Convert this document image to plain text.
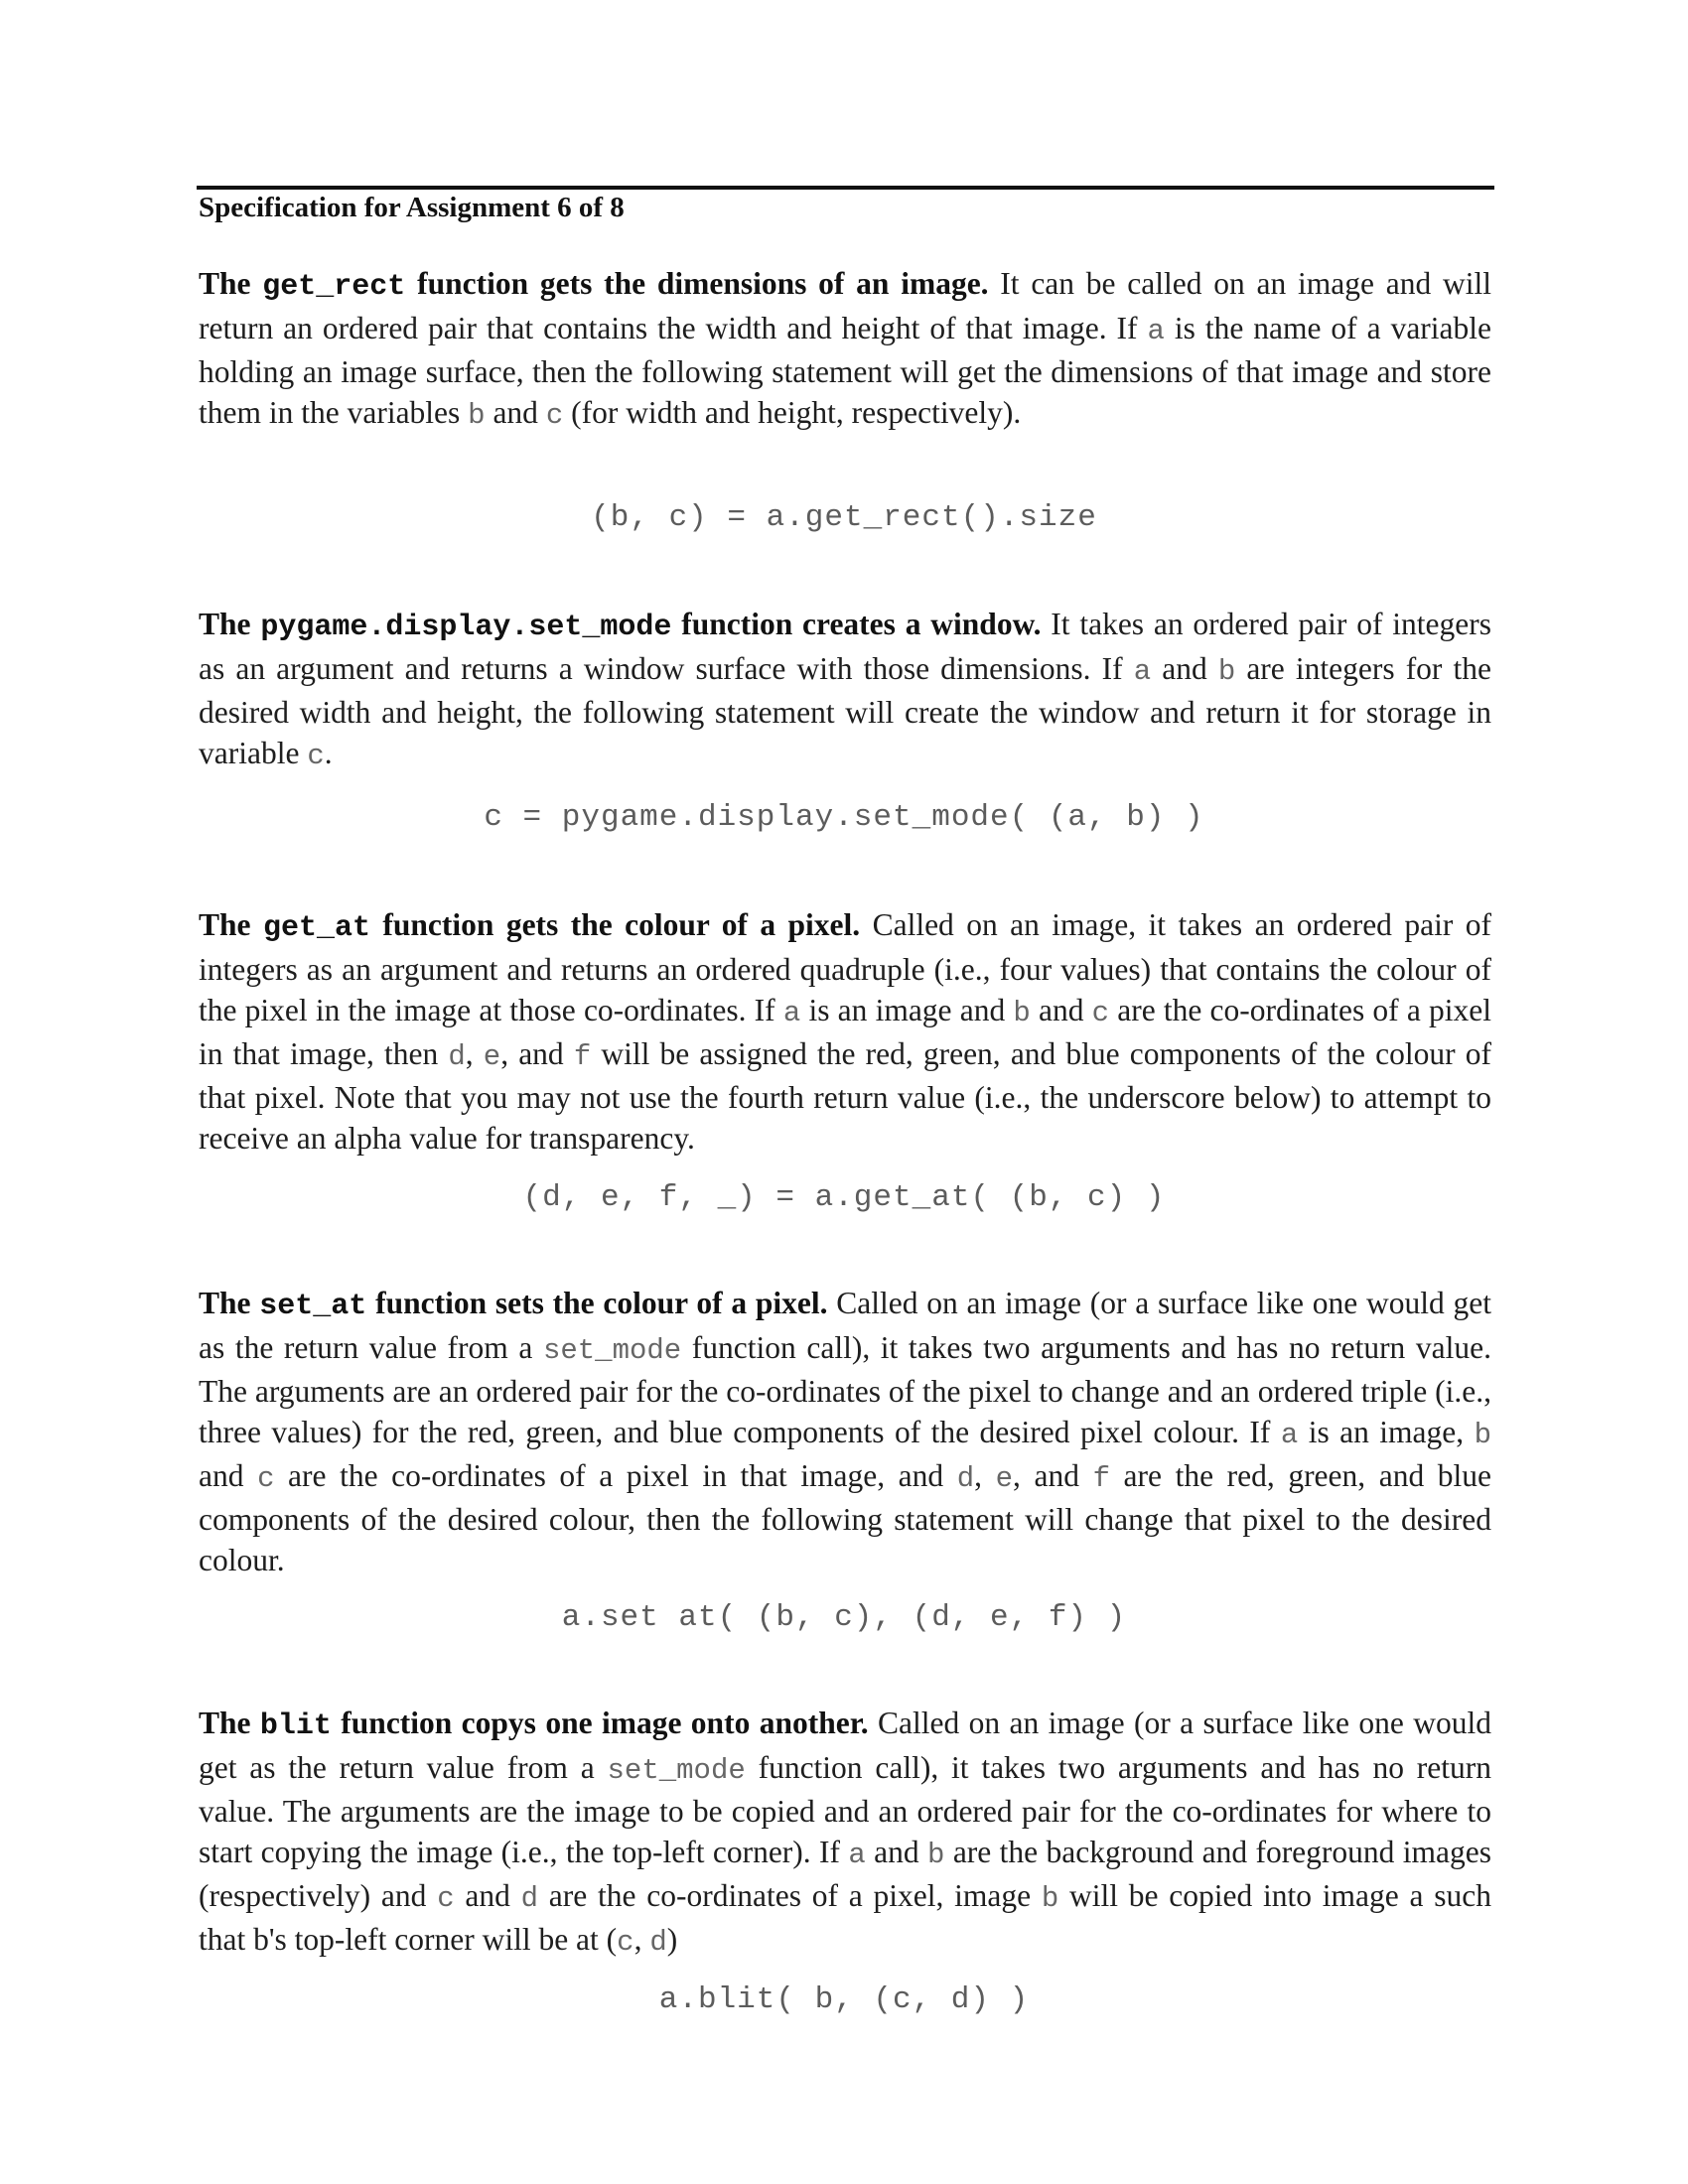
Specification for Assignment 6 of 8
The get_rect function gets the dimensions of an image. It can be called on an image and will return an ordered pair that contains the width and height of that image. If a is the name of a variable holding an image surface, then the following statement will get the dimensions of that image and store them in the variables b and c (for width and height, respectively).
(b, c) = a.get_rect().size
The pygame.display.set_mode function creates a window. It takes an ordered pair of integers as an argument and returns a window surface with those dimensions. If a and b are integers for the desired width and height, the following statement will create the window and return it for storage in variable c.
c = pygame.display.set_mode( (a, b) )
The get_at function gets the colour of a pixel. Called on an image, it takes an ordered pair of integers as an argument and returns an ordered quadruple (i.e., four values) that contains the colour of the pixel in the image at those co-ordinates. If a is an image and b and c are the co-ordinates of a pixel in that image, then d, e, and f will be assigned the red, green, and blue components of the colour of that pixel. Note that you may not use the fourth return value (i.e., the underscore below) to attempt to receive an alpha value for transparency.
(d, e, f, _) = a.get_at( (b, c) )
The set_at function sets the colour of a pixel. Called on an image (or a surface like one would get as the return value from a set_mode function call), it takes two arguments and has no return value. The arguments are an ordered pair for the co-ordinates of the pixel to change and an ordered triple (i.e., three values) for the red, green, and blue components of the desired pixel colour. If a is an image, b and c are the co-ordinates of a pixel in that image, and d, e, and f are the red, green, and blue components of the desired colour, then the following statement will change that pixel to the desired colour.
a.set at( (b, c), (d, e, f) )
The blit function copys one image onto another. Called on an image (or a surface like one would get as the return value from a set_mode function call), it takes two arguments and has no return value. The arguments are the image to be copied and an ordered pair for the co-ordinates for where to start copying the image (i.e., the top-left corner). If a and b are the background and foreground images (respectively) and c and d are the co-ordinates of a pixel, image b will be copied into image a such that b's top-left corner will be at (c, d)
a.blit( b, (c, d) )
